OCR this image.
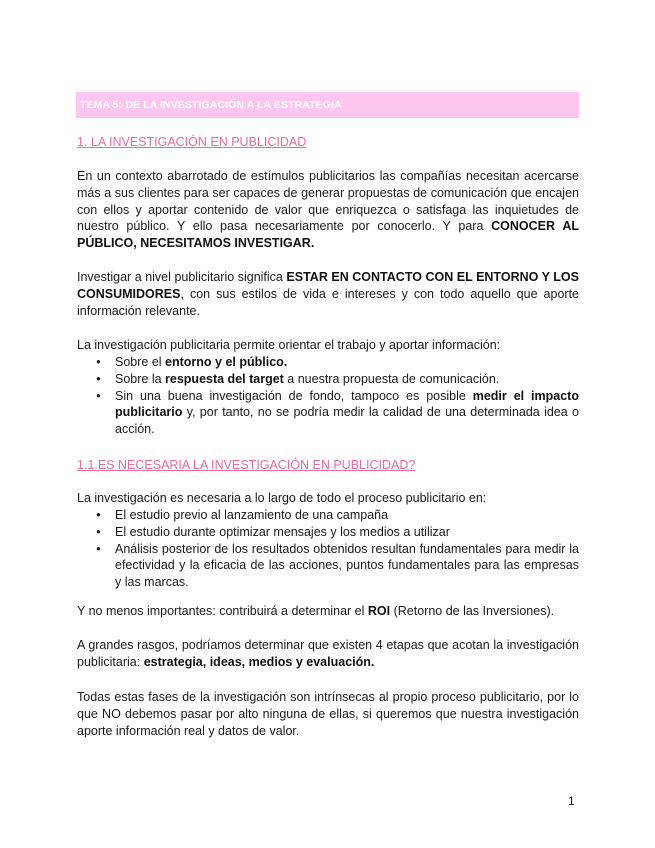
TEMA 5: DE LA INVESTIGACIÓN A LA ESTRATEGIA
1. LA INVESTIGACIÓN EN PUBLICIDAD
En un contexto abarrotado de estímulos publicitarios las compañías necesitan acercarse más a sus clientes para ser capaces de generar propuestas de comunicación que encajen con ellos y aportar contenido de valor que enriquezca o satisfaga las inquietudes de nuestro público. Y ello pasa necesariamente por conocerlo. Y para CONOCER AL PÚBLICO, NECESITAMOS INVESTIGAR.
Investigar a nivel publicitario significa ESTAR EN CONTACTO CON EL ENTORNO Y LOS CONSUMIDORES, con sus estilos de vida e intereses y con todo aquello que aporte información relevante.
La investigación publicitaria permite orientar el trabajo y aportar información:
● Sobre el entorno y el público.
● Sobre la respuesta del target a nuestra propuesta de comunicación.
● Sin una buena investigación de fondo, tampoco es posible medir el impacto publicitario y, por tanto, no se podría medir la calidad de una determinada idea o acción.
1.1.ES NECESARIA LA INVESTIGACIÓN EN PUBLICIDAD?
La investigación es necesaria a lo largo de todo el proceso publicitario en:
● El estudio previo al lanzamiento de una campaña
● El estudio durante optimizar mensajes y los medios a utilizar
● Análisis posterior de los resultados obtenidos resultan fundamentales para medir la efectividad y la eficacia de las acciones, puntos fundamentales para las empresas y las marcas.
Y no menos importantes: contribuirá a determinar el ROI (Retorno de las Inversiones).
A grandes rasgos, podríamos determinar que existen 4 etapas que acotan la investigación publicitaria: estrategia, ideas, medios y evaluación.
Todas estas fases de la investigación son intrínsecas al propio proceso publicitario, por lo que NO debemos pasar por alto ninguna de ellas, si queremos que nuestra investigación aporte información real y datos de valor.
1
